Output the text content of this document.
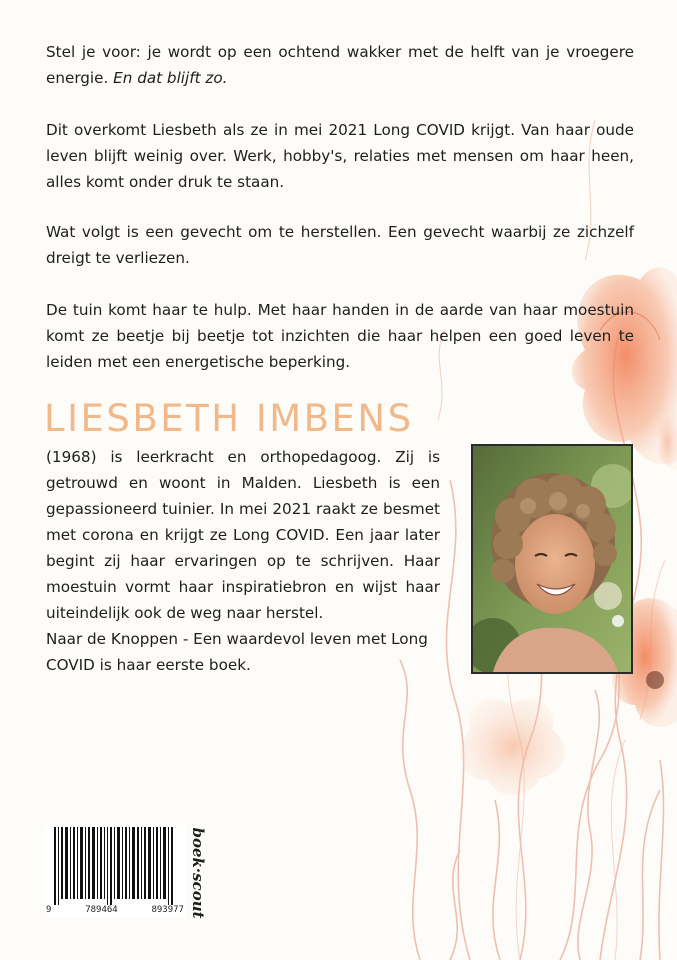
Stel je voor: je wordt op een ochtend wakker met de helft van je vroegere energie. En dat blijft zo.
Dit overkomt Liesbeth als ze in mei 2021 Long COVID krijgt. Van haar oude leven blijft weinig over. Werk, hobby's, relaties met mensen om haar heen, alles komt onder druk te staan.
Wat volgt is een gevecht om te herstellen. Een gevecht waarbij ze zichzelf dreigt te verliezen.
De tuin komt haar te hulp. Met haar handen in de aarde van haar moestuin komt ze beetje bij beetje tot inzichten die haar helpen een goed leven te leiden met een energetische beperking.
LIESBETH IMBENS
(1968) is leerkracht en orthopedagoog. Zij is getrouwd en woont in Malden. Liesbeth is een gepassioneerd tuinier. In mei 2021 raakt ze besmet met corona en krijgt ze Long COVID. Een jaar later begint zij haar ervaringen op te schrijven. Haar moestuin vormt haar inspiratiebron en wijst haar uiteindelijk ook de weg naar herstel.
Naar de Knoppen - Een waardevol leven met Long COVID is haar eerste boek.
9	789464	893977 boek·scout
